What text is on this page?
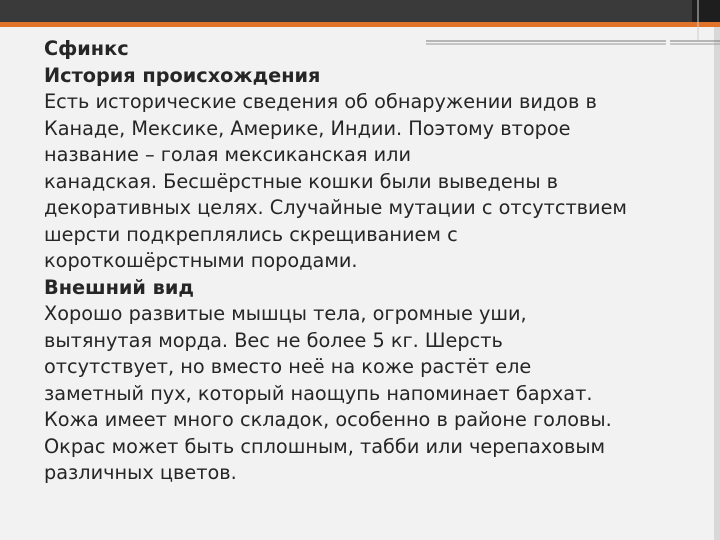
Сфинкс
История происхождения
Есть исторические сведения об обнаружении видов в
Канаде, Мексике, Америке, Индии. Поэтому второе
название – голая мексиканская или
канадская. Бесшёрстные кошки были выведены в
декоративных целях. Случайные мутации с отсутствием
шерсти подкреплялись скрещиванием с
короткошёрстными породами.
Внешний вид
Хорошо развитые мышцы тела, огромные уши,
вытянутая морда. Вес не более 5 кг. Шерсть
отсутствует, но вместо неё на коже растёт еле
заметный пух, который наощупь напоминает бархат.
Кожа имеет много складок, особенно в районе головы.
Окрас может быть сплошным, табби или черепаховым
различных цветов.
